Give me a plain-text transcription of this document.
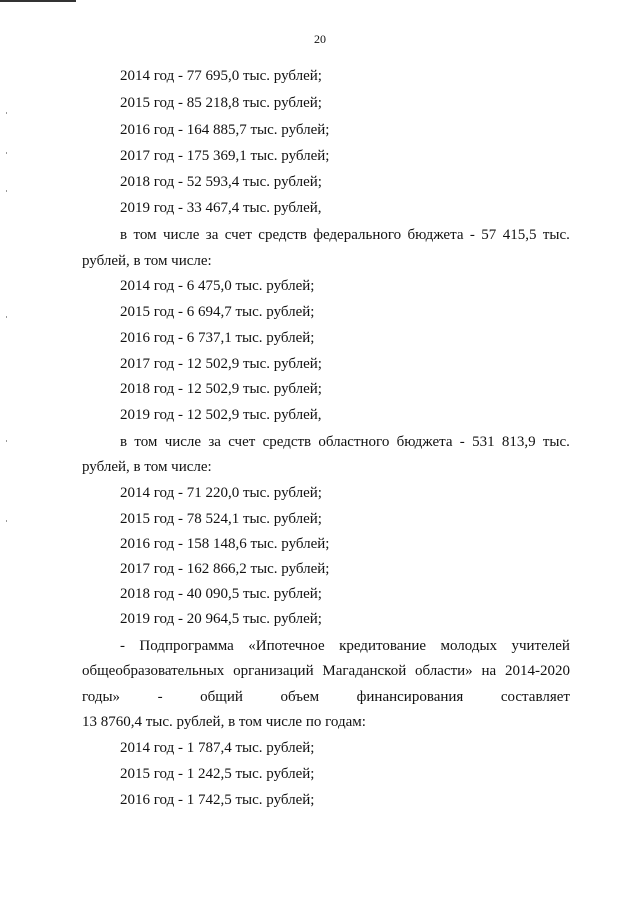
20
2014 год - 77 695,0 тыс. рублей;
2015 год - 85 218,8 тыс. рублей;
2016 год - 164 885,7 тыс. рублей;
2017 год - 175 369,1 тыс. рублей;
2018 год - 52 593,4 тыс. рублей;
2019 год - 33 467,4 тыс. рублей,
в том числе за счет средств федерального бюджета - 57 415,5 тыс.
рублей, в том числе:
2014 год - 6 475,0 тыс. рублей;
2015 год - 6 694,7 тыс. рублей;
2016 год - 6 737,1 тыс. рублей;
2017 год - 12 502,9 тыс. рублей;
2018 год - 12 502,9 тыс. рублей;
2019 год - 12 502,9 тыс. рублей,
в том числе за счет средств областного бюджета - 531 813,9 тыс.
рублей, в том числе:
2014 год - 71 220,0 тыс. рублей;
2015 год - 78 524,1 тыс. рублей;
2016 год - 158 148,6 тыс. рублей;
2017 год - 162 866,2 тыс. рублей;
2018 год - 40 090,5 тыс. рублей;
2019 год - 20 964,5 тыс. рублей;
- Подпрограмма «Ипотечное кредитование молодых учителей
общеобразовательных организаций Магаданской области» на 2014-2020
годы»	-	общий	объем	финансирования	составляет
13 8760,4 тыс. рублей, в том числе по годам:
2014 год - 1 787,4 тыс. рублей;
2015 год - 1 242,5 тыс. рублей;
2016 год - 1 742,5 тыс. рублей;
